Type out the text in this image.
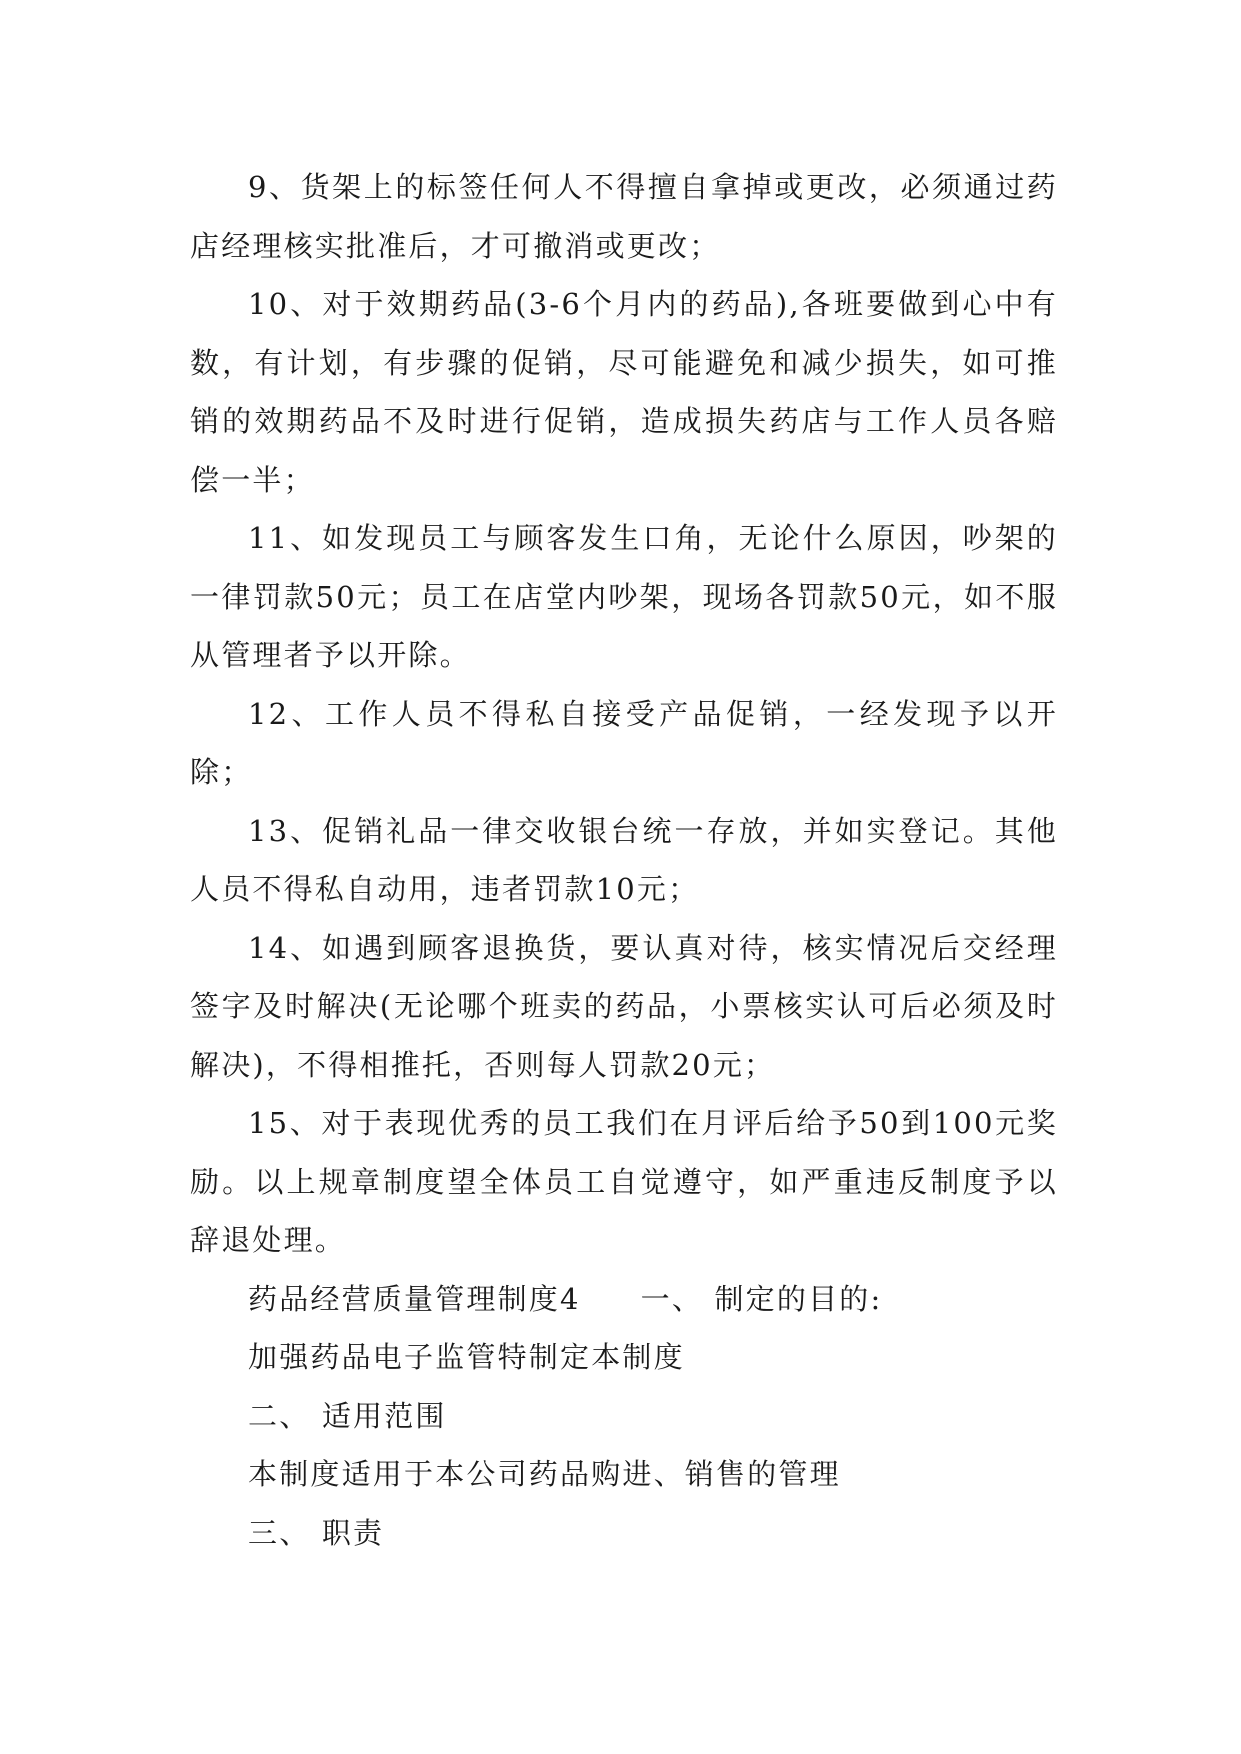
9、货架上的标签任何人不得擅自拿掉或更改，必须通过药店经理核实批准后，才可撤消或更改；

10、对于效期药品(3-6个月内的药品),各班要做到心中有数，有计划，有步骤的促销，尽可能避免和减少损失，如可推销的效期药品不及时进行促销，造成损失药店与工作人员各赔偿一半；

11、如发现员工与顾客发生口角，无论什么原因，吵架的一律罚款50元；员工在店堂内吵架，现场各罚款50元，如不服从管理者予以开除。

12、工作人员不得私自接受产品促销，一经发现予以开除；

13、促销礼品一律交收银台统一存放，并如实登记。其他人员不得私自动用，违者罚款10元；

14、如遇到顾客退换货，要认真对待，核实情况后交经理签字及时解决(无论哪个班卖的药品，小票核实认可后必须及时解决)，不得相推托，否则每人罚款20元；

15、对于表现优秀的员工我们在月评后给予50到100元奖励。以上规章制度望全体员工自觉遵守，如严重违反制度予以辞退处理。

药品经营质量管理制度4 一、 制定的目的:

加强药品电子监管特制定本制度

二、 适用范围

本制度适用于本公司药品购进、销售的管理

三、 职责
